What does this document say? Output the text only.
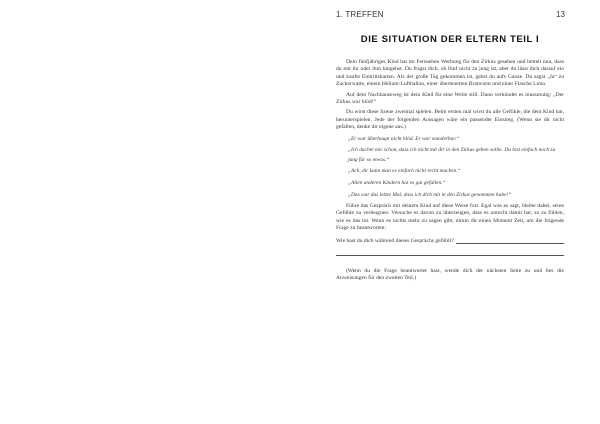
1. TREFFEN	13
DIE SITUATION DER ELTERN TEIL I

Dein fünfjähriges Kind hat im Fernsehen Werbung für den Zirkus gesehen und bettelt nun, dass du mit ihr oder ihm hingehst. Du fragst dich, ob fünf nicht zu jung ist, aber du lässt dich darauf ein und kaufst Eintrittskarten. Als der große Tag gekommen ist, gehst du aufs Ganze. Du sagst „Ja“ zu Zuckerwatte, einem Helium-Luftballon, einer überteuerten Bratwurst und einer Flasche Limo.

Auf dem Nachhauseweg ist dein Kind für eine Weile still. Dann verkündet es mussmutig: „Der Zirkus war blöd!“

Du wirst diese Szene zweimal spielen. Beim ersten mal wirst du alle Gefühle, die dem Kind hat, herunterspielen. Jede der folgenden Aussagen wäre ein passender Einstieg. (Wenn sie dir nicht gefallen, denke dir eigene aus.)

„Er war überhaupt nicht blöd. Er war wunderbar.“
„Ich dachte mir schon, dass ich nicht mit dir in den Zirkus gehen sollte. Du bist einfach noch zu jung für so etwas.“
„Ach, dir kann man es einfach nicht recht machen.“
„Allen anderen Kindern hat es gut gefallen.“
„Das war das letzte Mal, dass ich dich mit in den Zirkus genommen habe!“

Führe das Gespräch mit deinem Kind auf diese Weise fort. Egal was es sagt, bleibe dabei, seine Gefühle zu verleugnen. Versuche es davon zu überzeugen, dass es unrecht damit hat, so zu fühlen, wie es das tut. Wenn es nichts mehr zu sagen gibt, nimm dir einen Moment Zeit, um die folgende Frage zu beantworten:

Wie hast du dich während dieses Gesprächs gefühlt?
(Wenn du die Frage beantwortet hast, wende dich der nächsten Seite zu und lies die Anweisungen für den zweiten Teil.)
